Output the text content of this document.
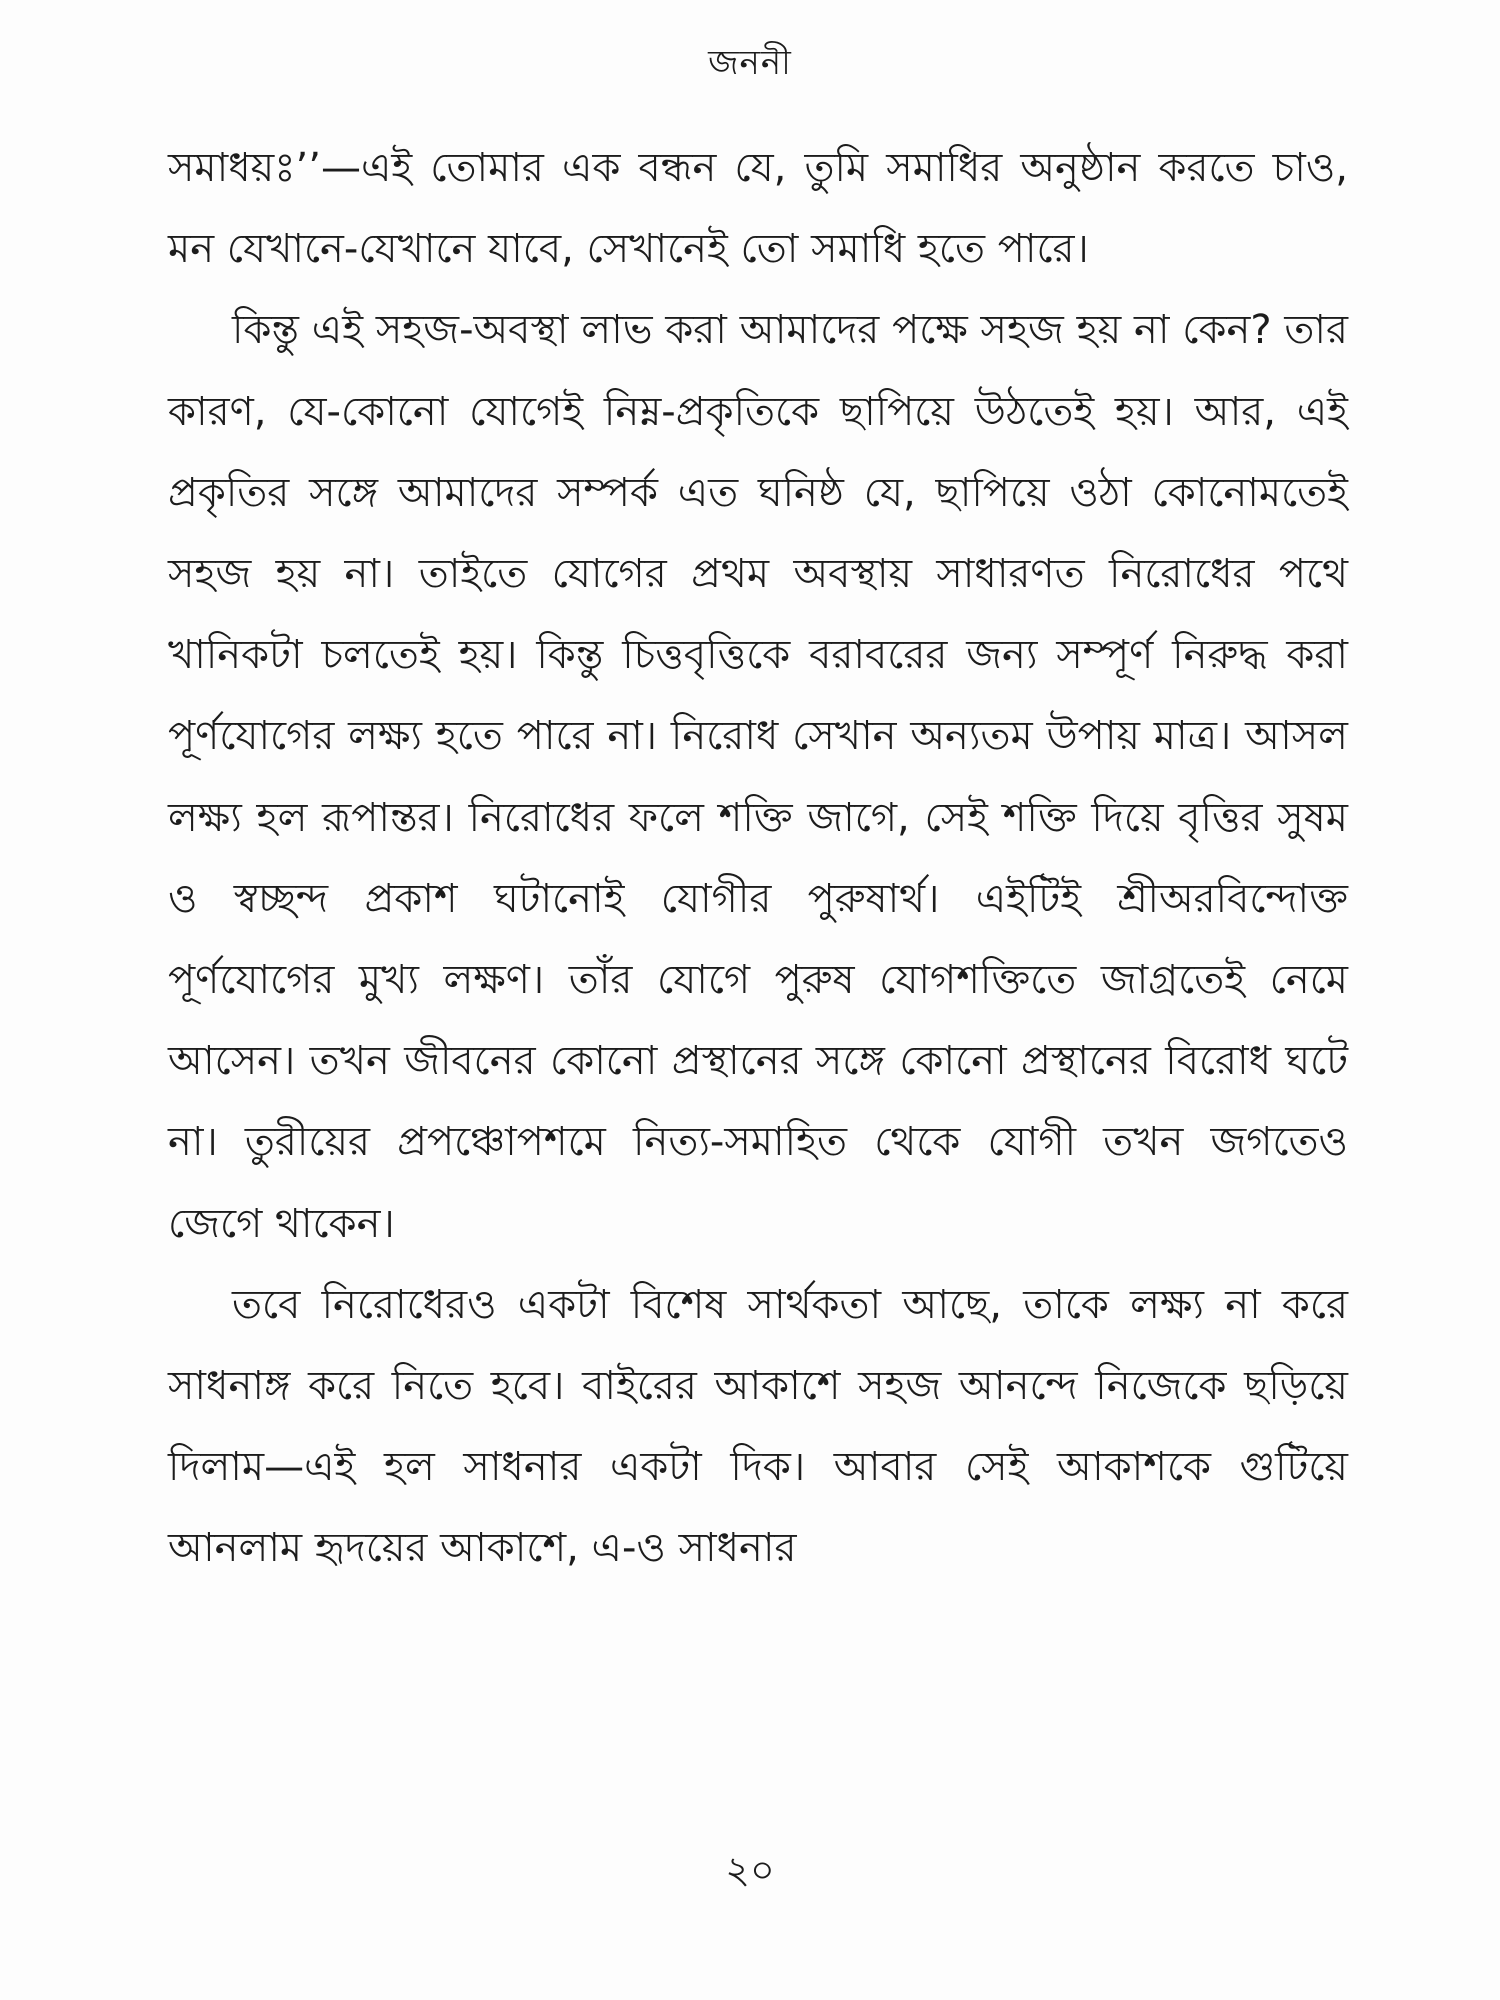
জননী

সমাধয়ঃ’’—এই তোমার এক বন্ধন যে, তুমি সমাধির অনুষ্ঠান করতে চাও, মন যেখানে-যেখানে যাবে, সেখানেই তো সমাধি হতে পারে।

কিন্তু এই সহজ-অবস্থা লাভ করা আমাদের পক্ষে সহজ হয় না কেন? তার কারণ, যে-কোনো যোগেই নিম্ন-প্রকৃতিকে ছাপিয়ে উঠতেই হয়। আর, এই প্রকৃতির সঙ্গে আমাদের সম্পর্ক এত ঘনিষ্ঠ যে, ছাপিয়ে ওঠা কোনোমতেই সহজ হয় না। তাইতে যোগের প্রথম অবস্থায় সাধারণত নিরোধের পথে খানিকটা চলতেই হয়। কিন্তু চিত্তবৃত্তিকে বরাবরের জন্য সম্পূর্ণ নিরুদ্ধ করা পূর্ণযোগের লক্ষ্য হতে পারে না। নিরোধ সেখান অন্যতম উপায় মাত্র। আসল লক্ষ্য হল রূপান্তর। নিরোধের ফলে শক্তি জাগে, সেই শক্তি দিয়ে বৃত্তির সুষম ও স্বচ্ছন্দ প্রকাশ ঘটানোই যোগীর পুরুষার্থ। এইটিই শ্রীঅরবিন্দোক্ত পূর্ণযোগের মুখ্য লক্ষণ। তাঁর যোগে পুরুষ যোগশক্তিতে জাগ্রতেই নেমে আসেন। তখন জীবনের কোনো প্রস্থানের সঙ্গে কোনো প্রস্থানের বিরোধ ঘটে না। তুরীয়ের প্রপঞ্চোপশমে নিত্য-সমাহিত থেকে যোগী তখন জগতেও জেগে থাকেন।

তবে নিরোধেরও একটা বিশেষ সার্থকতা আছে, তাকে লক্ষ্য না করে সাধনাঙ্গ করে নিতে হবে। বাইরের আকাশে সহজ আনন্দে নিজেকে ছড়িয়ে দিলাম—এই হল সাধনার একটা দিক। আবার সেই আকাশকে গুটিয়ে আনলাম হৃদয়ের আকাশে, এ-ও সাধনার

২০
